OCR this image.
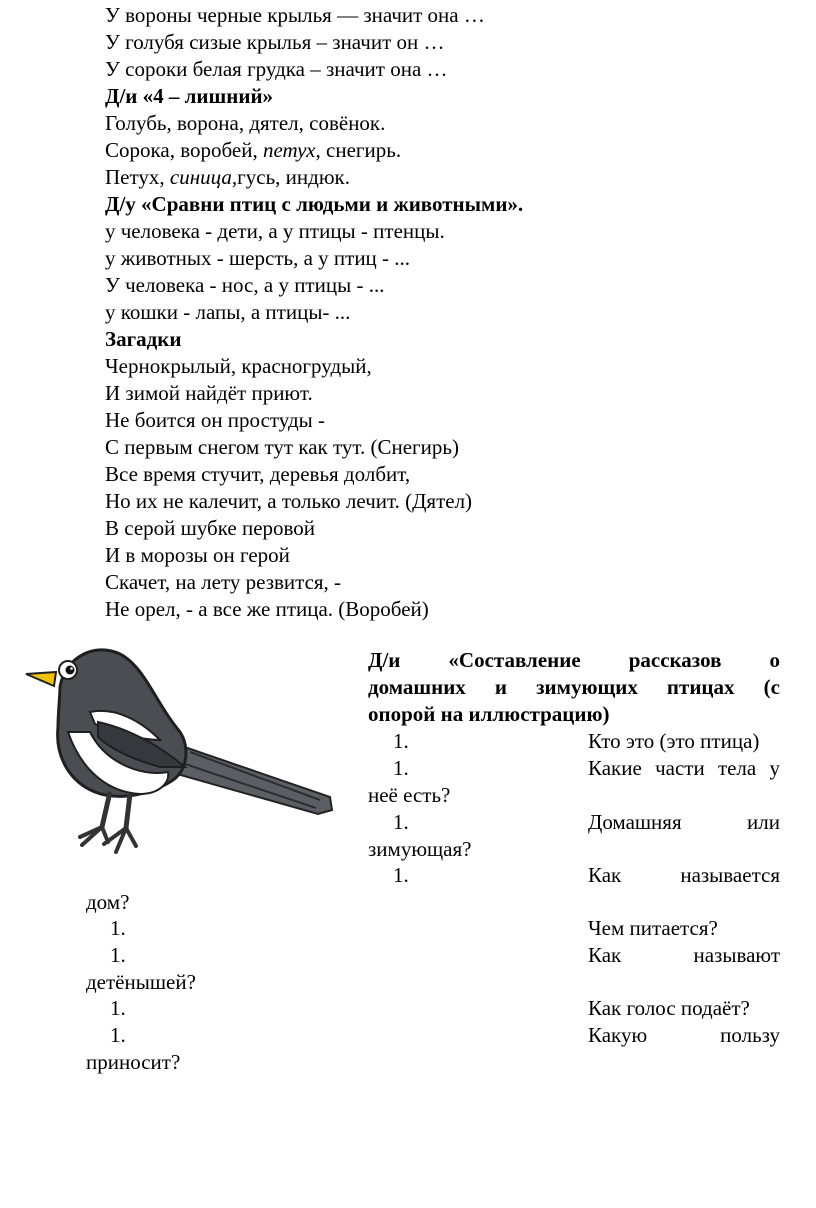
У вороны черные крылья — значит она …
У голубя сизые крылья – значит он …
У сороки белая грудка – значит она …
Д/и «4 – лишний»
Голубь, ворона, дятел, совёнок.
Сорока, воробей, петух, снегирь.
Петух, синица,гусь, индюк.
Д/у «Сравни птиц с людьми и животными».
у человека - дети, а у птицы - птенцы.
у животных - шерсть, а у птиц - ...
У человека - нос, а у птицы - ...
у кошки - лапы, а птицы- ...
Загадки
Чернокрылый, красногрудый,
И зимой найдёт приют.
Не боится он простуды -
С первым снегом тут как тут. (Снегирь)
Все время стучит, деревья долбит,
Но их не калечит, а только лечит. (Дятел)
В серой шубке перовой
И в морозы он герой
Скачет, на лету резвится, -
Не орел, - а все же птица. (Воробей)
Д/и «Составление рассказов о
домашних и зимующих птицах (с
опорой на иллюстрацию)
1.	Кто это (это птица)
1.	Какие части тела у
неё есть?
1.	Домашняя	или
зимующая?
1.	Как	называется
дом?
1.	Чем питается?
1.	Как	называют
детёнышей?
1.	Как голос подаёт?
1.	Какую	пользу
приносит?
